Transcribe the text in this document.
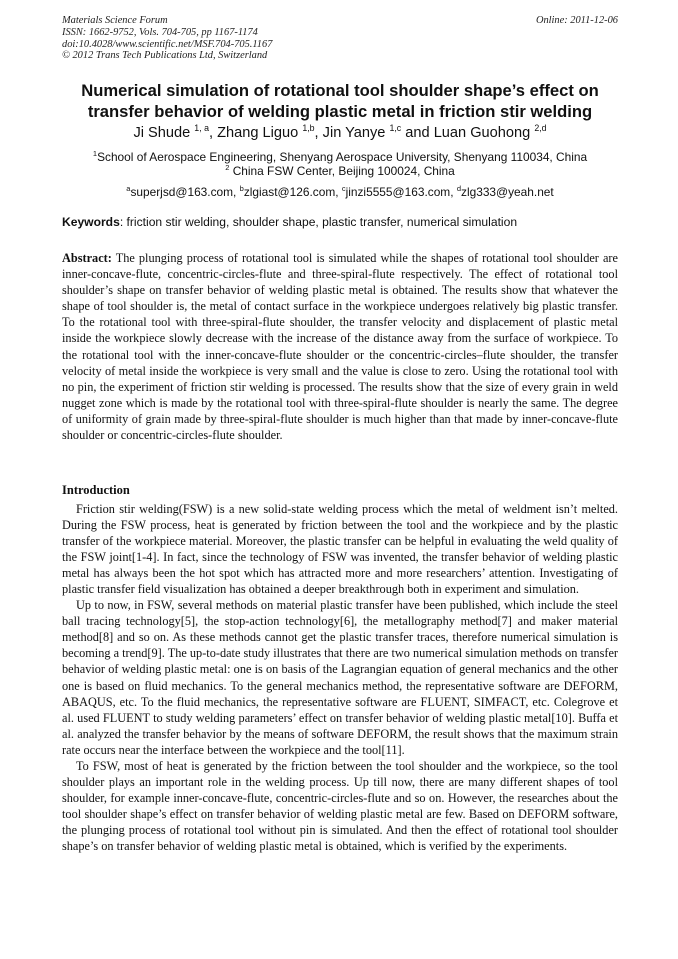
Materials Science Forum
ISSN: 1662-9752, Vols. 704-705, pp 1167-1174
doi:10.4028/www.scientific.net/MSF.704-705.1167
© 2012 Trans Tech Publications Ltd, Switzerland
Online: 2011-12-06
Numerical simulation of rotational tool shoulder shape’s effect on transfer behavior of welding plastic metal in friction stir welding
Ji Shude $^{1, a}$, Zhang Liguo $^{1,b}$, Jin Yanye $^{1,c}$ and Luan Guohong $^{2,d}$
$^1$School of Aerospace Engineering, Shenyang Aerospace University, Shenyang 110034, China
$^2$ China FSW Center, Beijing 100024, China
$^a$superjsd@163.com, $^b$zlgiast@126.com, $^c$jinzi5555@163.com, $^d$zlg333@yeah.net
Keywords: friction stir welding, shoulder shape, plastic transfer, numerical simulation
Abstract: The plunging process of rotational tool is simulated while the shapes of rotational tool shoulder are inner-concave-flute, concentric-circles-flute and three-spiral-flute respectively. The effect of rotational tool shoulder’s shape on transfer behavior of welding plastic metal is obtained. The results show that whatever the shape of tool shoulder is, the metal of contact surface in the workpiece undergoes relatively big plastic transfer. To the rotational tool with three-spiral-flute shoulder, the transfer velocity and displacement of plastic metal inside the workpiece slowly decrease with the increase of the distance away from the surface of workpiece. To the rotational tool with the inner-concave-flute shoulder or the concentric-circles–flute shoulder, the transfer velocity of metal inside the workpiece is very small and the value is close to zero. Using the rotational tool with no pin, the experiment of friction stir welding is processed. The results show that the size of every grain in weld nugget zone which is made by the rotational tool with three-spiral-flute shoulder is nearly the same. The degree of uniformity of grain made by three-spiral-flute shoulder is much higher than that made by inner-concave-flute shoulder or concentric-circles-flute shoulder.
Introduction

Friction stir welding(FSW) is a new solid-state welding process which the metal of weldment isn’t melted. During the FSW process, heat is generated by friction between the tool and the workpiece and by the plastic transfer of the workpiece material. Moreover, the plastic transfer can be helpful in evaluating the weld quality of the FSW joint[1-4]. In fact, since the technology of FSW was invented, the transfer behavior of welding plastic metal has always been the hot spot which has attracted more and more researchers’ attention. Investigating of plastic transfer field visualization has obtained a deeper breakthrough both in experiment and simulation.

Up to now, in FSW, several methods on material plastic transfer have been published, which include the steel ball tracing technology[5], the stop-action technology[6], the metallography method[7] and maker material method[8] and so on. As these methods cannot get the plastic transfer traces, therefore numerical simulation is becoming a trend[9]. The up-to-date study illustrates that there are two numerical simulation methods on transfer behavior of welding plastic metal: one is on basis of the Lagrangian equation of general mechanics and the other one is based on fluid mechanics. To the general mechanics method, the representative software are DEFORM, ABAQUS, etc. To the fluid mechanics, the representative software are FLUENT, SIMFACT, etc. Colegrove et al. used FLUENT to study welding parameters’ effect on transfer behavior of welding plastic metal[10]. Buffa et al. analyzed the transfer behavior by the means of software DEFORM, the result shows that the maximum strain rate occurs near the interface between the workpiece and the tool[11].

To FSW, most of heat is generated by the friction between the tool shoulder and the workpiece, so the tool shoulder plays an important role in the welding process. Up till now, there are many different shapes of tool shoulder, for example inner-concave-flute, concentric-circles-flute and so on. However, the researches about the tool shoulder shape’s effect on transfer behavior of welding plastic metal are few. Based on DEFORM software, the plunging process of rotational tool without pin is simulated. And then the effect of rotational tool shoulder shape’s on transfer behavior of welding plastic metal is obtained, which is verified by the experiments.
